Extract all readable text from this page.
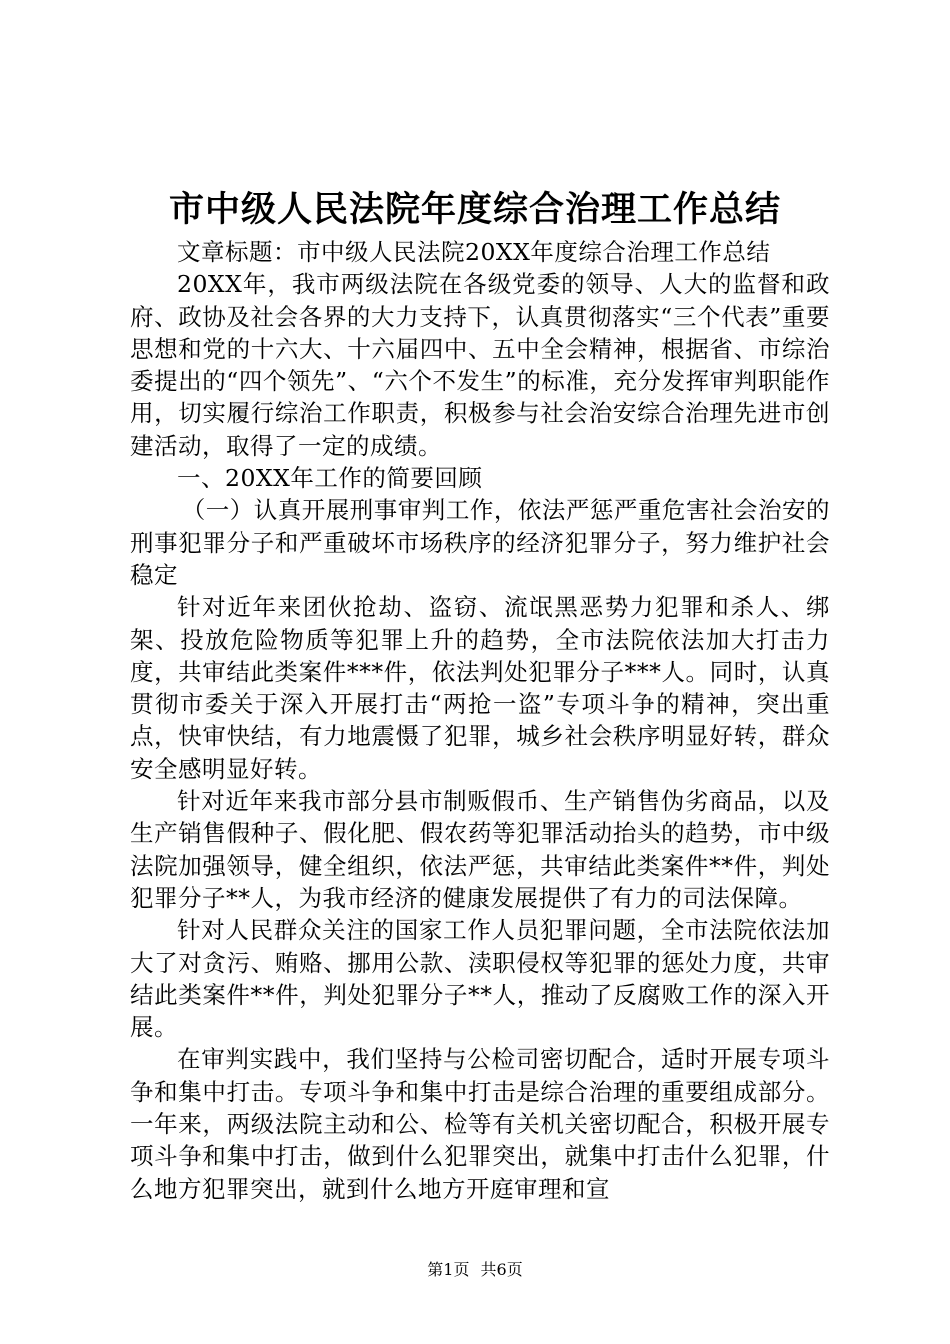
市中级人民法院年度综合治理工作总结

文章标题：市中级人民法院20XX年度综合治理工作总结

20XX年，我市两级法院在各级党委的领导、人大的监督和政府、政协及社会各界的大力支持下，认真贯彻落实“三个代表”重要思想和党的十六大、十六届四中、五中全会精神，根据省、市综治委提出的“四个领先”、“六个不发生”的标准，充分发挥审判职能作用，切实履行综治工作职责，积极参与社会治安综合治理先进市创建活动，取得了一定的成绩。

一、20XX年工作的简要回顾

（一）认真开展刑事审判工作，依法严惩严重危害社会治安的刑事犯罪分子和严重破坏市场秩序的经济犯罪分子，努力维护社会稳定

针对近年来团伙抢劫、盗窃、流氓黑恶势力犯罪和杀人、绑架、投放危险物质等犯罪上升的趋势，全市法院依法加大打击力度，共审结此类案件***件，依法判处犯罪分子***人。同时，认真贯彻市委关于深入开展打击“两抢一盗”专项斗争的精神，突出重点，快审快结，有力地震慑了犯罪，城乡社会秩序明显好转，群众安全感明显好转。

针对近年来我市部分县市制贩假币、生产销售伪劣商品，以及生产销售假种子、假化肥、假农药等犯罪活动抬头的趋势，市中级法院加强领导，健全组织，依法严惩，共审结此类案件**件，判处犯罪分子**人，为我市经济的健康发展提供了有力的司法保障。

针对人民群众关注的国家工作人员犯罪问题，全市法院依法加大了对贪污、贿赂、挪用公款、渎职侵权等犯罪的惩处力度，共审结此类案件**件，判处犯罪分子**人，推动了反腐败工作的深入开展。

在审判实践中，我们坚持与公检司密切配合，适时开展专项斗争和集中打击。专项斗争和集中打击是综合治理的重要组成部分。一年来，两级法院主动和公、检等有关机关密切配合，积极开展专项斗争和集中打击，做到什么犯罪突出，就集中打击什么犯罪，什么地方犯罪突出，就到什么地方开庭审理和宣

第1页 共6页
